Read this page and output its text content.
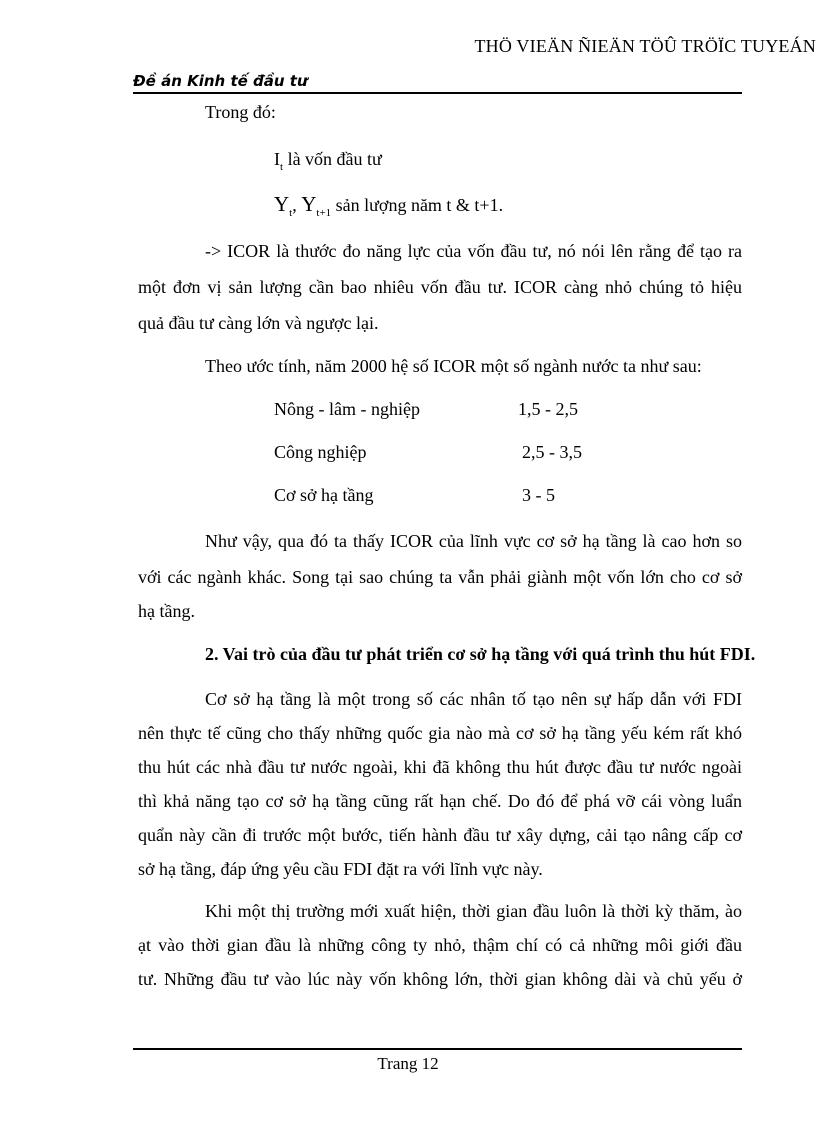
THÖ VIEÄN ÑIEÄN TÖÛ TRÖÏC TUYEÁN
Đề án Kinh tế đầu tư
Trong đó:
$I_t$ là vốn đầu tư
$Y_t$, $Y_{t+1}$ sản lượng năm t & t+1.
-> ICOR là thước đo năng lực của vốn đầu tư, nó nói lên rằng để tạo ra
một đơn vị sản lượng cần bao nhiêu vốn đầu tư. ICOR càng nhỏ chúng tỏ hiệu
quả đầu tư càng lớn và ngược lại.
Theo ước tính, năm 2000 hệ số ICOR một số ngành nước ta như sau:
Nông - lâm - nghiệp	1,5 - 2,5
Công nghiệp	2,5 - 3,5
Cơ sở hạ tầng	3 - 5
Như vậy, qua đó ta thấy ICOR của lĩnh vực cơ sở hạ tầng là cao hơn so
với các ngành khác. Song tại sao chúng ta vẫn phải giành một vốn lớn cho cơ sở
hạ tầng.
2. Vai trò của đầu tư phát triển cơ sở hạ tầng với quá trình thu hút FDI.
Cơ sở hạ tầng là một trong số các nhân tố tạo nên sự hấp dẫn với FDI
nên thực tế cũng cho thấy những quốc gia nào mà cơ sở hạ tầng yếu kém rất khó
thu hút các nhà đầu tư nước ngoài, khi đã không thu hút được đầu tư nước ngoài
thì khả năng tạo cơ sở hạ tầng cũng rất hạn chế. Do đó để phá vỡ cái vòng luẩn
quẩn này cần đi trước một bước, tiến hành đầu tư xây dựng, cải tạo nâng cấp cơ
sở hạ tầng, đáp ứng yêu cầu FDI đặt ra với lĩnh vực này.
Khi một thị trường mới xuất hiện, thời gian đầu luôn là thời kỳ thăm, ào
ạt vào thời gian đầu là những công ty nhỏ, thậm chí có cả những môi giới đầu
tư. Những đầu tư vào lúc này vốn không lớn, thời gian không dài và chủ yếu ở
Trang 12
